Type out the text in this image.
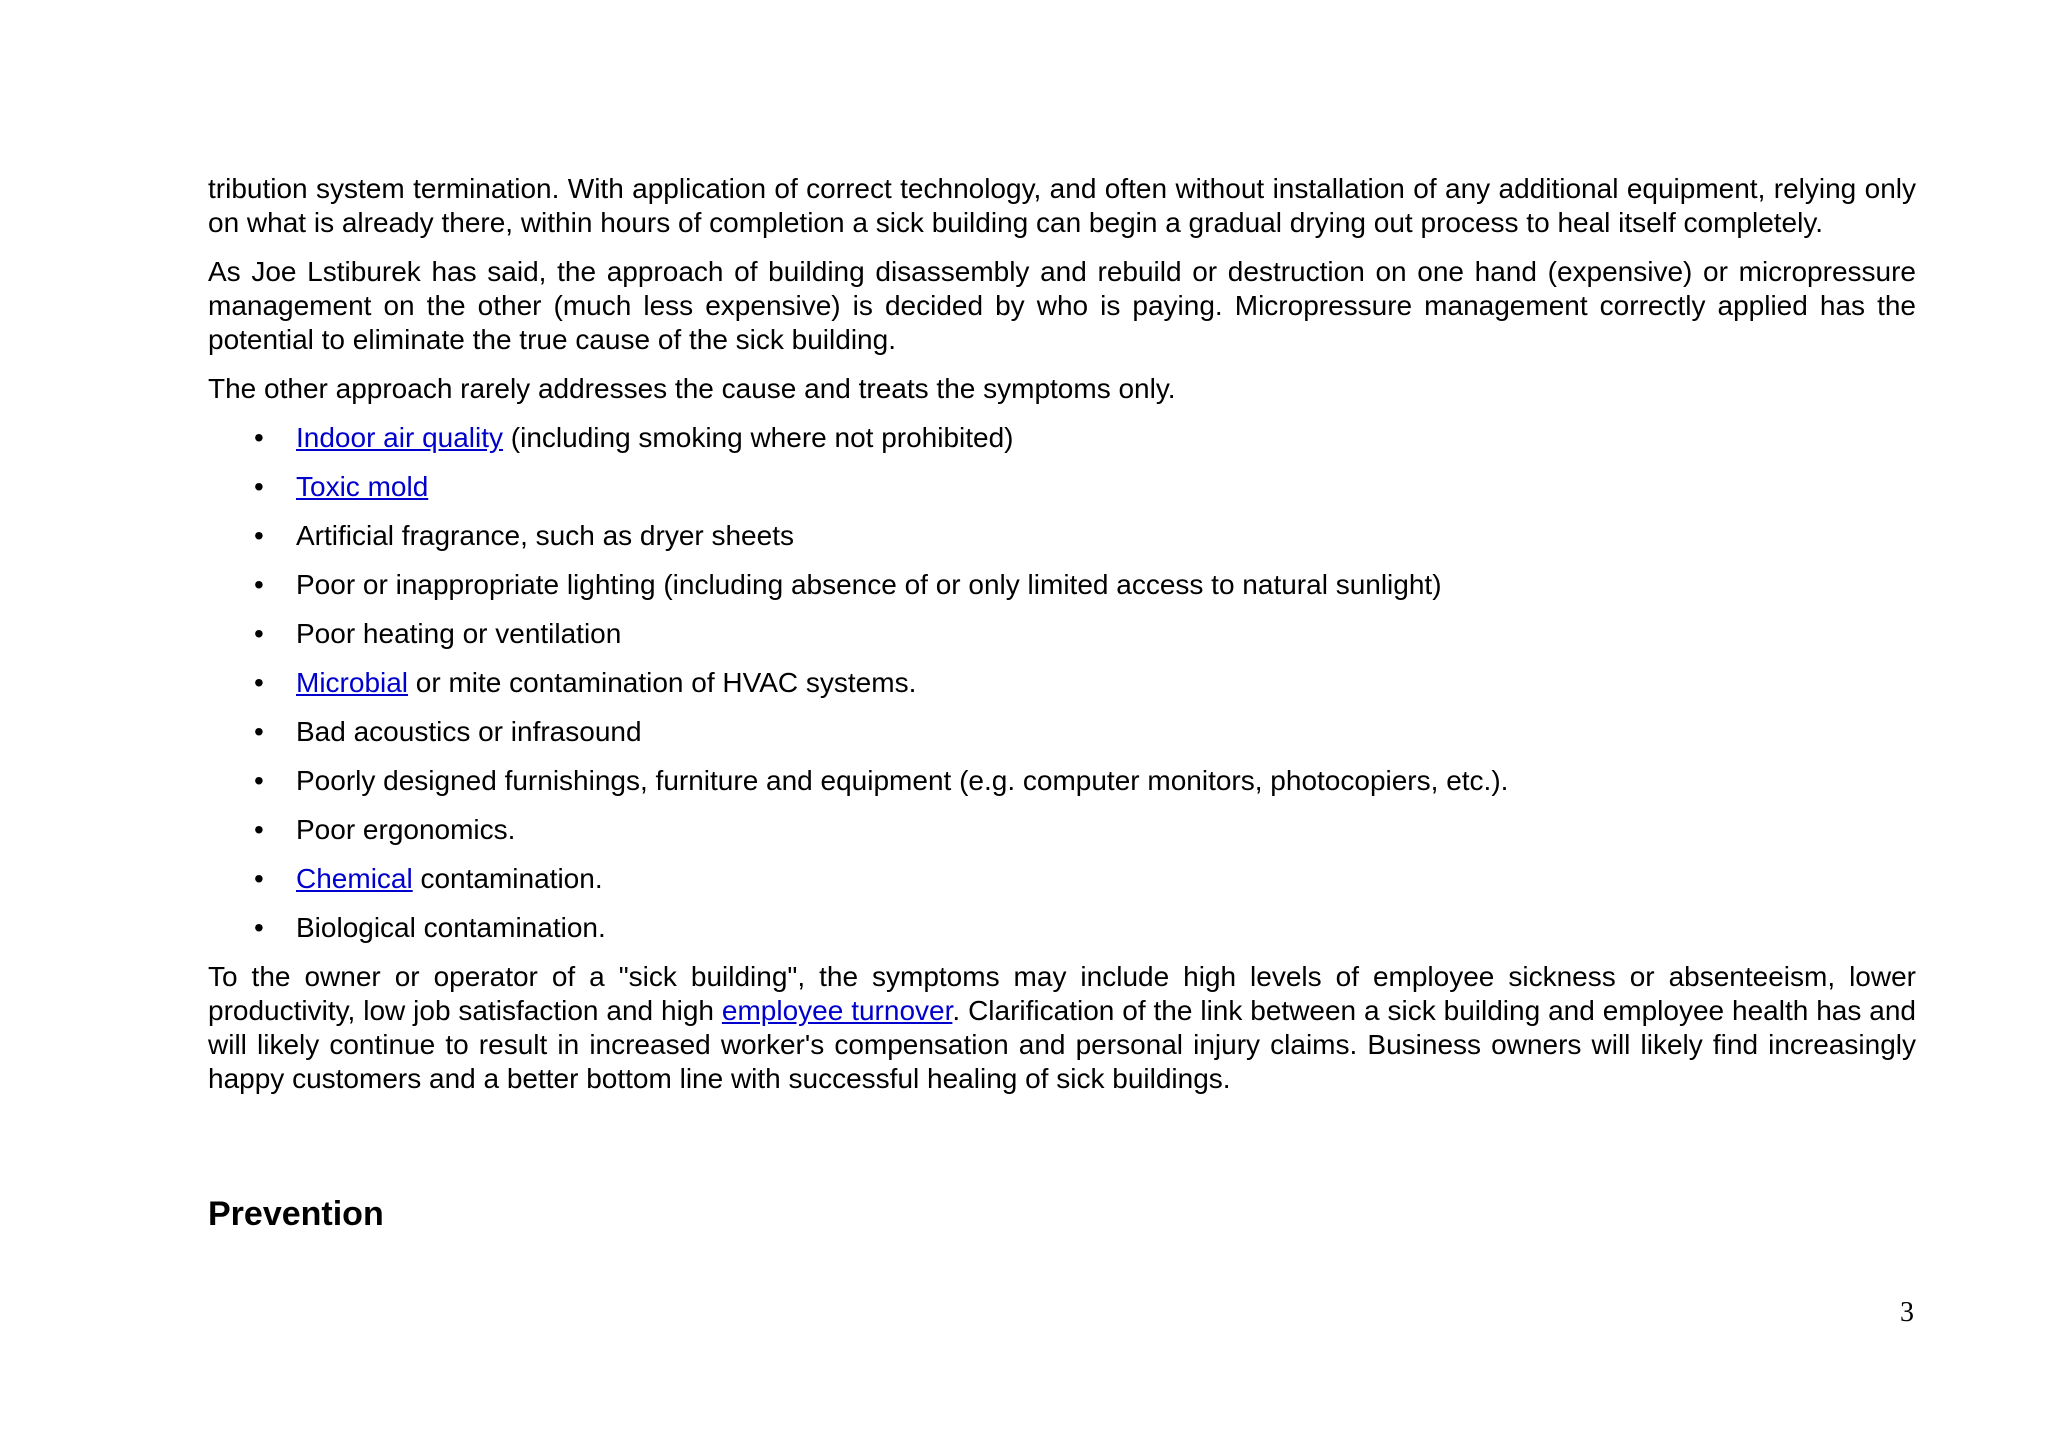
tribution system termination. With application of correct technology, and often without installation of any additional equipment, relying only on what is already there, within hours of completion a sick building can begin a gradual drying out process to heal itself completely.

As Joe Lstiburek has said, the approach of building disassembly and rebuild or destruction on one hand (expensive) or micropressure management on the other (much less expensive) is decided by who is paying. Micropressure management correctly applied has the potential to eliminate the true cause of the sick building.

The other approach rarely addresses the cause and treats the symptoms only.

• Indoor air quality (including smoking where not prohibited)
• Toxic mold
• Artificial fragrance, such as dryer sheets
• Poor or inappropriate lighting (including absence of or only limited access to natural sunlight)
• Poor heating or ventilation
• Microbial or mite contamination of HVAC systems.
• Bad acoustics or infrasound
• Poorly designed furnishings, furniture and equipment (e.g. computer monitors, photocopiers, etc.).
• Poor ergonomics.
• Chemical contamination.
• Biological contamination.

To the owner or operator of a "sick building", the symptoms may include high levels of employee sickness or absenteeism, lower productivity, low job satisfaction and high employee turnover. Clarification of the link between a sick building and employee health has and will likely continue to result in increased worker's compensation and personal injury claims. Business owners will likely find increasingly happy customers and a better bottom line with successful healing of sick buildings.

Prevention
3
